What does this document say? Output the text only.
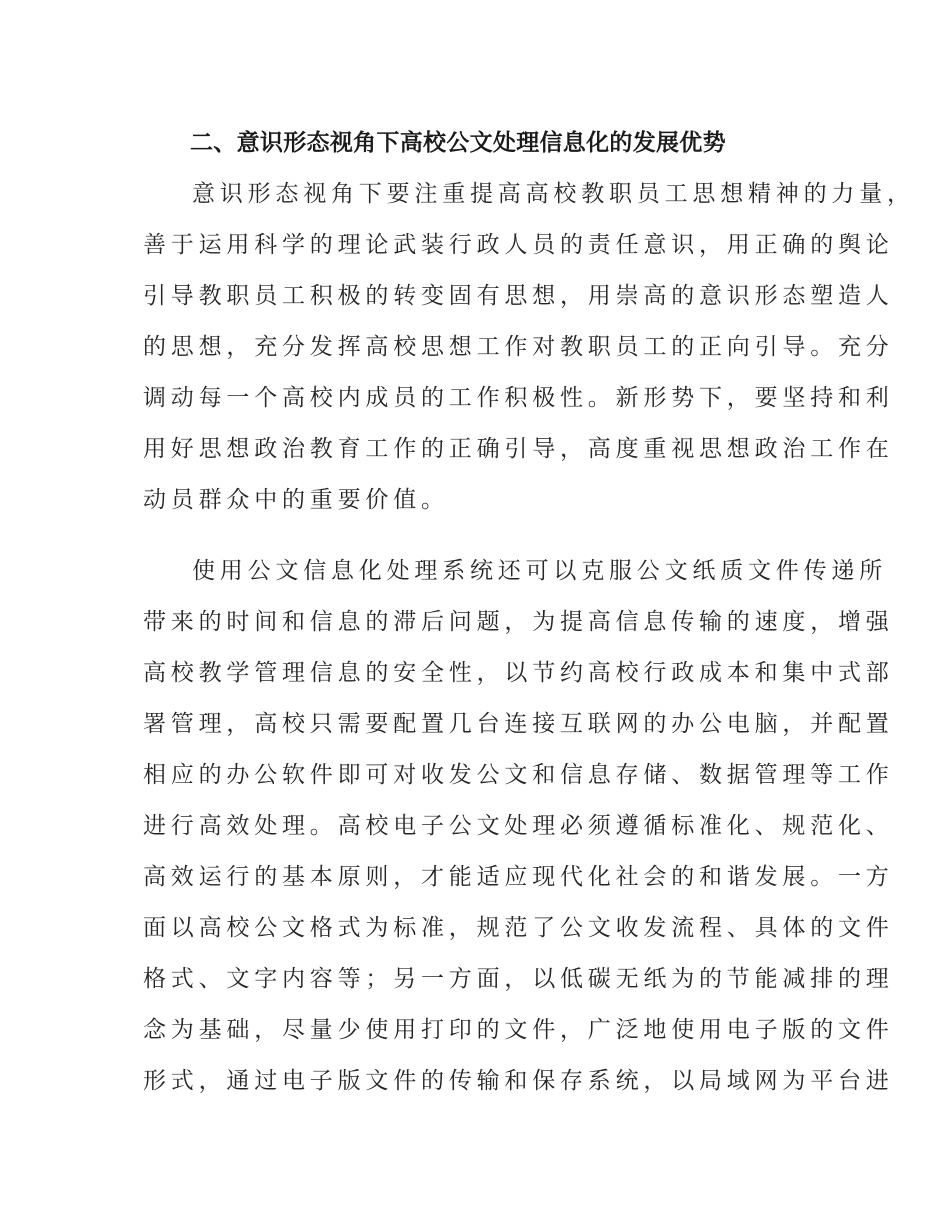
二、意识形态视角下高校公文处理信息化的发展优势
意识形态视角下要注重提高高校教职员工思想精神的力量，
善于运用科学的理论武装行政人员的责任意识，用正确的舆论
引导教职员工积极的转变固有思想，用崇高的意识形态塑造人
的思想，充分发挥高校思想工作对教职员工的正向引导。充分
调动每一个高校内成员的工作积极性。新形势下，要坚持和利
用好思想政治教育工作的正确引导，高度重视思想政治工作在
动员群众中的重要价值。
使用公文信息化处理系统还可以克服公文纸质文件传递所
带来的时间和信息的滞后问题，为提高信息传输的速度，增强
高校教学管理信息的安全性，以节约高校行政成本和集中式部
署管理，高校只需要配置几台连接互联网的办公电脑，并配置
相应的办公软件即可对收发公文和信息存储、数据管理等工作
进行高效处理。高校电子公文处理必须遵循标准化、规范化、
高效运行的基本原则，才能适应现代化社会的和谐发展。一方
面以高校公文格式为标准，规范了公文收发流程、具体的文件
格式、文字内容等；另一方面，以低碳无纸为的节能减排的理
念为基础，尽量少使用打印的文件，广泛地使用电子版的文件
形式，通过电子版文件的传输和保存系统，以局域网为平台进
